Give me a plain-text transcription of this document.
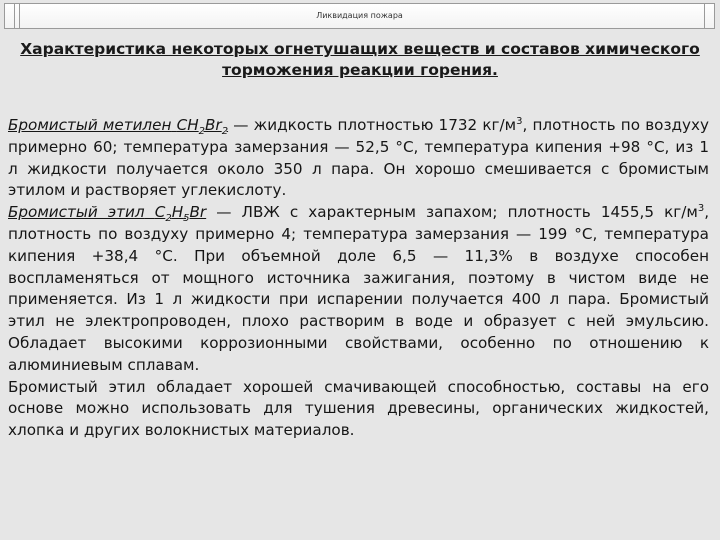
Ликвидация пожара
Характеристика некоторых огнетушащих веществ и составов химического торможения реакции горения.

Бромистый метилен $CH_2Br_2$ — жидкость плотностью 1732 $кг/м^3$, плотность по воздуху примерно 60; температура замерзания — 52,5 °С, температура кипения +98 °С, из 1 л жидкости получается около 350 л пара. Он хорошо смешивается с бромистым этилом и растворяет углекислоту.

Бромистый этил $C_2H_5Br$ — ЛВЖ с характерным запахом; плотность 1455,5 $кг/м^3$, плотность по воздуху примерно 4; температура замерзания — 199 °С, температура кипения +38,4 °С. При объемной доле 6,5 — 11,3% в воздухе способен воспламеняться от мощного источника зажигания, поэтому в чистом виде не применяется. Из 1 л жидкости при испарении получается 400 л пара. Бромистый этил не электропроводен, плохо растворим в воде и образует с ней эмульсию. Обладает высокими коррозионными свойствами, особенно по отношению к алюминиевым сплавам.

Бромистый этил обладает хорошей смачивающей способностью, составы на его основе можно использовать для тушения древесины, органических жидкостей, хлопка и других волокнистых материалов.
